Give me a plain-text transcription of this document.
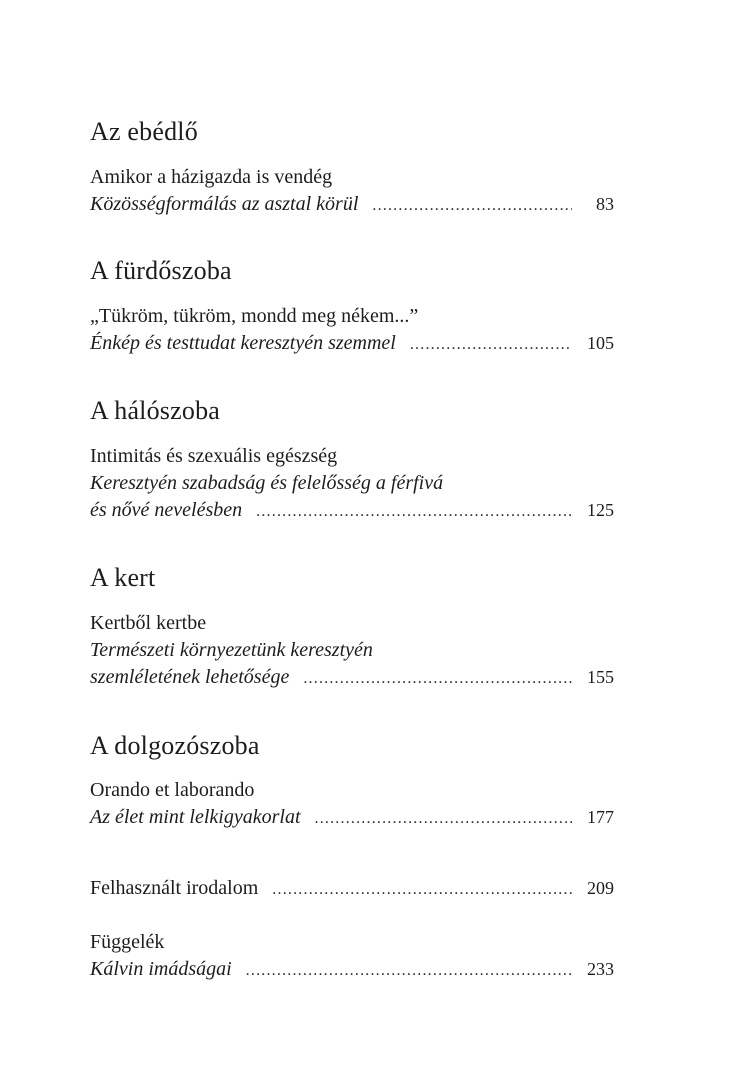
Az ebédlő
Amikor a házigazda is vendég
Közösségformálás az asztal körül .....	83
A fürdőszoba
„Tükröm, tükröm, mondd meg nékem...”
Énkép és testtudat keresztyén szemmel .....	105
A hálószoba
Intimitás és szexuális egészség
Keresztyén szabadság és felelősség a férfivá
és nővé nevelésben .....	125
A kert
Kertből kertbe
Természeti környezetünk keresztyén
szemléletének lehetősége .....	155
A dolgozószoba
Orando et laborando
Az élet mint lelkigyakorlat .....	177
Felhasznált irodalom .....	209
Függelék
Kálvin imádságai .....	233
